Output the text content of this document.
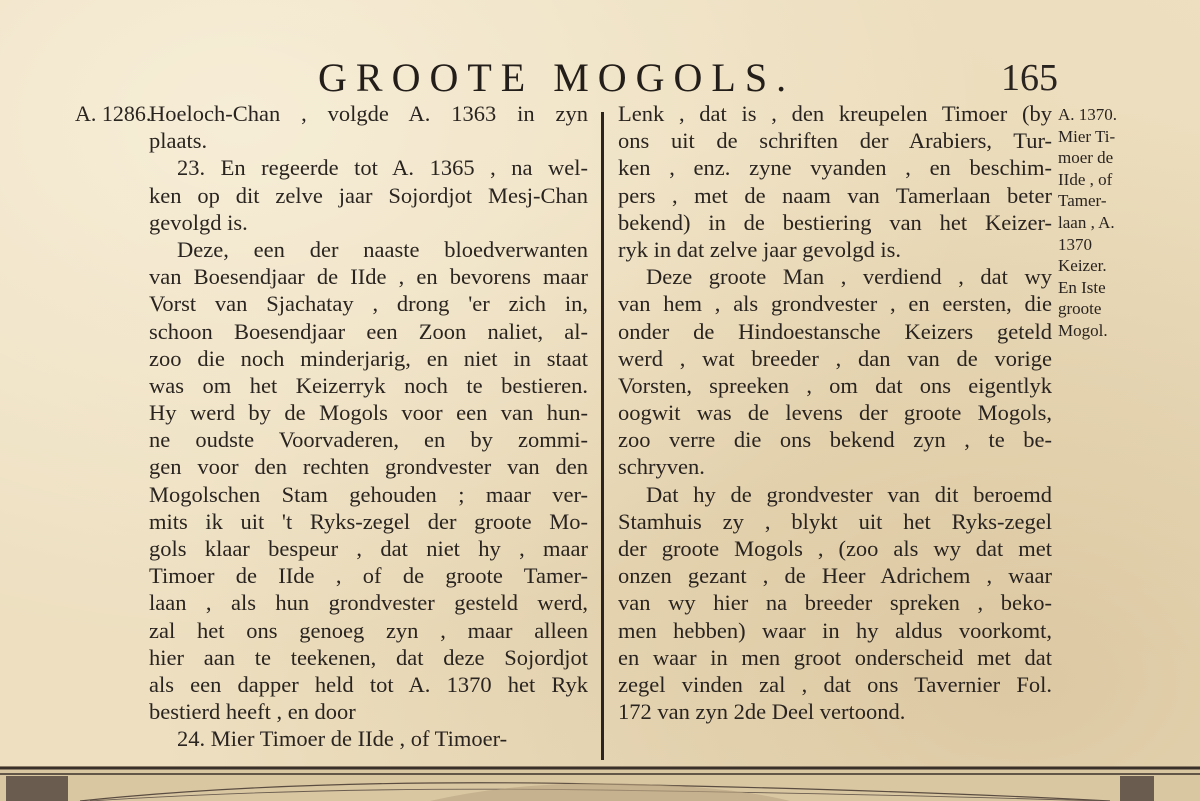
GROOTE MOGOLS.	165
A. 1286.
Hoeloch-Chan , volgde A. 1363 in zyn
plaats.
23. En regeerde tot A. 1365 , na wel-
ken op dit zelve jaar Sojordjot Mesj-Chan
gevolgd is.
Deze, een der naaste bloedverwanten
van Boesendjaar de IIde , en bevorens maar
Vorst van Sjachatay , drong 'er zich in,
schoon Boesendjaar een Zoon naliet, al-
zoo die noch minderjarig, en niet in staat
was om het Keizerryk noch te bestieren.
Hy werd by de Mogols voor een van hun-
ne oudste Voorvaderen, en by zommi-
gen voor den rechten grondvester van den
Mogolschen Stam gehouden ; maar ver-
mits ik uit 't Ryks-zegel der groote Mo-
gols klaar bespeur , dat niet hy , maar
Timoer de IIde , of de groote Tamer-
laan , als hun grondvester gesteld werd,
zal het ons genoeg zyn , maar alleen
hier aan te teekenen, dat deze Sojordjot
als een dapper held tot A. 1370 het Ryk
bestierd heeft , en door
24. Mier Timoer de IIde , of Timoer-
Lenk , dat is , den kreupelen Timoer (by
ons uit de schriften der Arabiers, Tur-
ken , enz. zyne vyanden , en beschim-
pers , met de naam van Tamerlaan beter
bekend) in de bestiering van het Keizer-
ryk in dat zelve jaar gevolgd is.
Deze groote Man , verdiend , dat wy
van hem , als grondvester , en eersten, die
onder de Hindoestansche Keizers geteld
werd , wat breeder , dan van de vorige
Vorsten, spreeken , om dat ons eigentlyk
oogwit was de levens der groote Mogols,
zoo verre die ons bekend zyn , te be-
schryven.
Dat hy de grondvester van dit beroemd
Stamhuis zy , blykt uit het Ryks-zegel
der groote Mogols , (zoo als wy dat met
onzen gezant , de Heer Adrichem , waar
van wy hier na breeder spreken , beko-
men hebben) waar in hy aldus voorkomt,
en waar in men groot onderscheid met dat
zegel vinden zal , dat ons Tavernier Fol.
172 van zyn 2de Deel vertoond.
A. 1370.
Mier Ti-
moer de
IIde , of
Tamer-
laan , A.
1370
Keizer.
En Iste
groote
Mogol.
